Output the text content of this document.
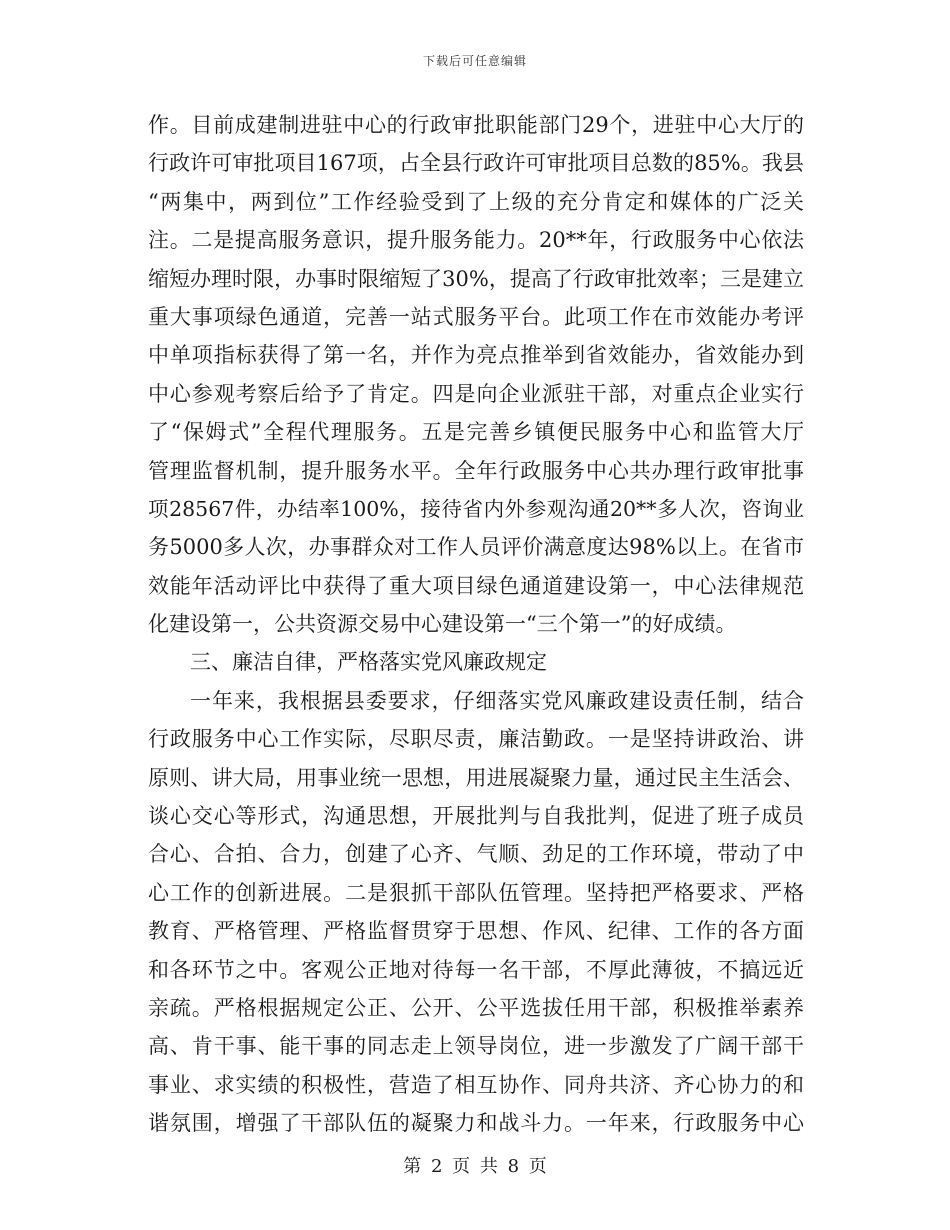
下载后可任意编辑
作。目前成建制进驻中心的行政审批职能部门29个，进驻中心大厅的
行政许可审批项目167项，占全县行政许可审批项目总数的85%。我县
“两集中，两到位”工作经验受到了上级的充分肯定和媒体的广泛关
注。二是提高服务意识，提升服务能力。20**年，行政服务中心依法
缩短办理时限，办事时限缩短了30%，提高了行政审批效率；三是建立
重大事项绿色通道，完善一站式服务平台。此项工作在市效能办考评
中单项指标获得了第一名，并作为亮点推举到省效能办，省效能办到
中心参观考察后给予了肯定。四是向企业派驻干部，对重点企业实行
了“保姆式”全程代理服务。五是完善乡镇便民服务中心和监管大厅
管理监督机制，提升服务水平。全年行政服务中心共办理行政审批事
项28567件，办结率100%，接待省内外参观沟通20**多人次，咨询业
务5000多人次，办事群众对工作人员评价满意度达98%以上。在省市
效能年活动评比中获得了重大项目绿色通道建设第一，中心法律规范
化建设第一，公共资源交易中心建设第一“三个第一”的好成绩。
三、廉洁自律，严格落实党风廉政规定
一年来，我根据县委要求，仔细落实党风廉政建设责任制，结合
行政服务中心工作实际，尽职尽责，廉洁勤政。一是坚持讲政治、讲
原则、讲大局，用事业统一思想，用进展凝聚力量，通过民主生活会、
谈心交心等形式，沟通思想，开展批判与自我批判，促进了班子成员
合心、合拍、合力，创建了心齐、气顺、劲足的工作环境，带动了中
心工作的创新进展。二是狠抓干部队伍管理。坚持把严格要求、严格
教育、严格管理、严格监督贯穿于思想、作风、纪律、工作的各方面
和各环节之中。客观公正地对待每一名干部，不厚此薄彼，不搞远近
亲疏。严格根据规定公正、公开、公平选拔任用干部，积极推举素养
高、肯干事、能干事的同志走上领导岗位，进一步激发了广阔干部干
事业、求实绩的积极性，营造了相互协作、同舟共济、齐心协力的和
谐氛围，增强了干部队伍的凝聚力和战斗力。一年来，行政服务中心
第 2 页 共 8 页
